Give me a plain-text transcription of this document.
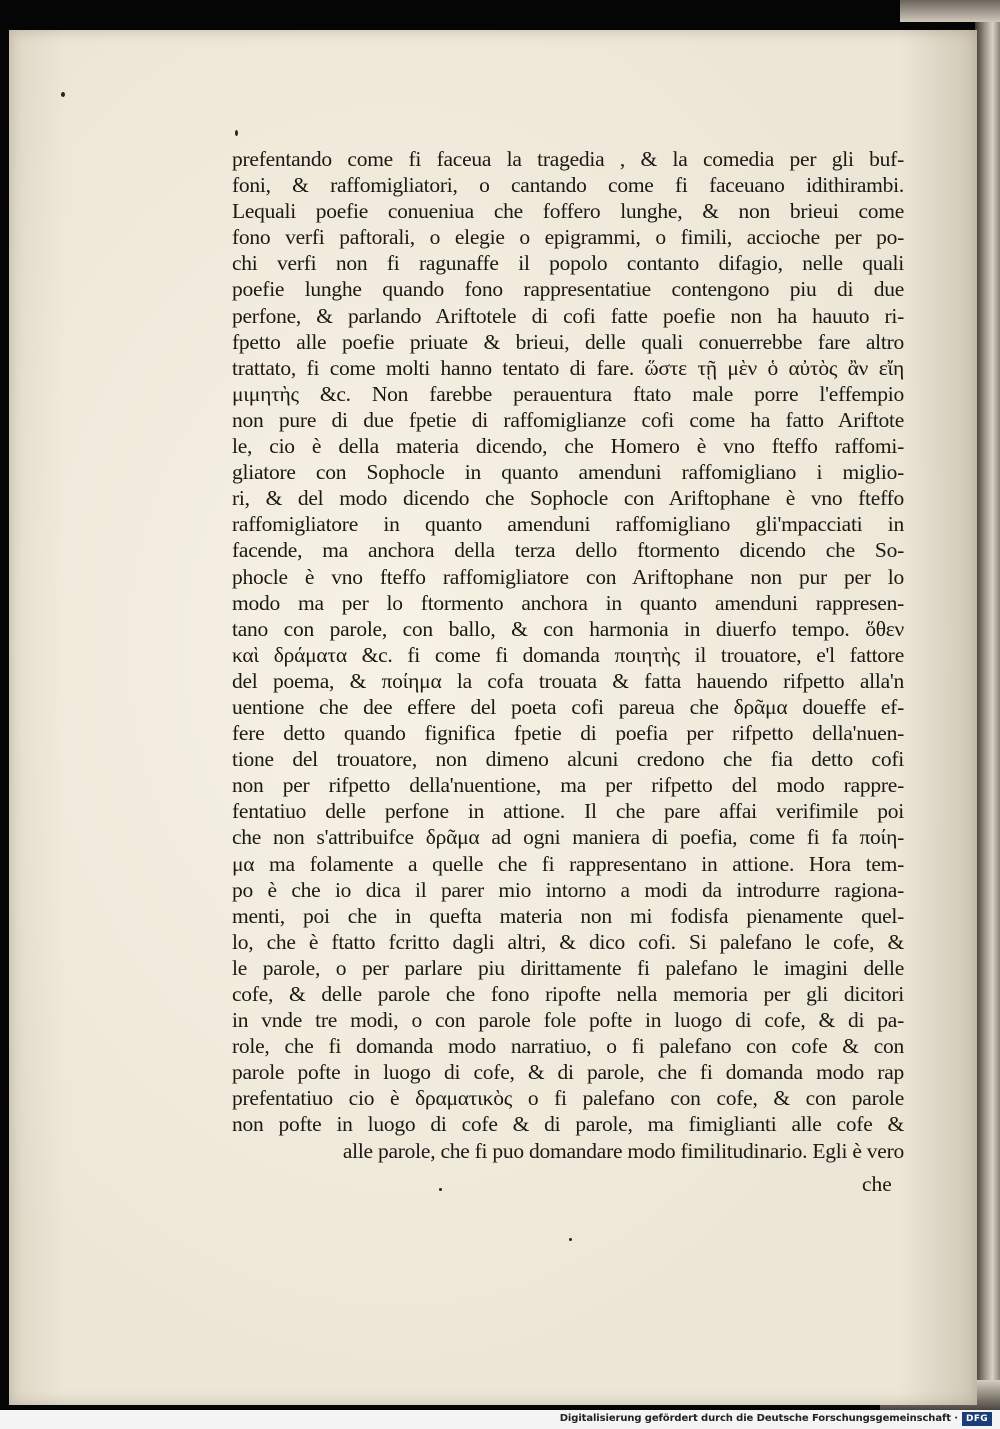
prefentando come fi faceua la tragedia , & la comedia per gli buf-
foni, & raffomigliatori, o cantando come fi faceuano idithirambi.
Lequali poefie conueniua che foffero lunghe, & non brieui come
fono verfi paftorali, o elegie o epigrammi, o fimili, accioche per po-
chi verfi non fi ragunaffe il popolo contanto difagio, nelle quali
poefie lunghe quando fono rappresentatiue contengono piu di due
perfone, & parlando Ariftotele di cofi fatte poefie non ha hauuto ri-
fpetto alle poefie priuate & brieui, delle quali conuerrebbe fare altro
trattato, fi come molti hanno tentato di fare. ὥστε τῇ μὲν ὁ αὐτὸς ἂν εἴη
μιμητὴς &c. Non farebbe perauentura ftato male porre l'effempio
non pure di due fpetie di raffomiglianze cofi come ha fatto Ariftote
le, cio è della materia dicendo, che Homero è vno fteffo raffomi-
gliatore con Sophocle in quanto amenduni raffomigliano i miglio-
ri, & del modo dicendo che Sophocle con Ariftophane è vno fteffo
raffomigliatore in quanto amenduni raffomigliano gli'mpacciati in
facende, ma anchora della terza dello ftormento dicendo che So-
phocle è vno fteffo raffomigliatore con Ariftophane non pur per lo
modo ma per lo ftormento anchora in quanto amenduni rappresen-
tano con parole, con ballo, & con harmonia in diuerfo tempo. ὅθεν
καὶ δράματα &c. fi come fi domanda ποιητὴς il trouatore, e'l fattore
del poema, & ποίημα la cofa trouata & fatta hauendo rifpetto alla'n
uentione che dee effere del poeta cofi pareua che δρᾶμα doueffe ef-
fere detto quando fignifica fpetie di poefia per rifpetto della'nuen-
tione del trouatore, non dimeno alcuni credono che fia detto cofi
non per rifpetto della'nuentione, ma per rifpetto del modo rappre-
fentatiuo delle perfone in attione. Il che pare affai verifimile poi
che non s'attribuifce δρᾶμα ad ogni maniera di poefia, come fi fa ποίη-
μα ma folamente a quelle che fi rappresentano in attione. Hora tem-
po è che io dica il parer mio intorno a modi da introdurre ragiona-
menti, poi che in quefta materia non mi fodisfa pienamente quel-
lo, che è ftatto fcritto dagli altri, & dico cofi. Si palefano le cofe, &
le parole, o per parlare piu dirittamente fi palefano le imagini delle
cofe, & delle parole che fono ripofte nella memoria per gli dicitori
in vnde tre modi, o con parole fole pofte in luogo di cofe, & di pa-
role, che fi domanda modo narratiuo, o fi palefano con cofe & con
parole pofte in luogo di cofe, & di parole, che fi domanda modo rap
prefentatiuo cio è δραματικὸς o fi palefano con cofe, & con parole
non pofte in luogo di cofe & di parole, ma fimiglianti alle cofe &
alle parole, che fi puo domandare modo fimilitudinario. Egli è vero
che
Digitalisierung gefördert durch die Deutsche Forschungsgemeinschaft · DFG
